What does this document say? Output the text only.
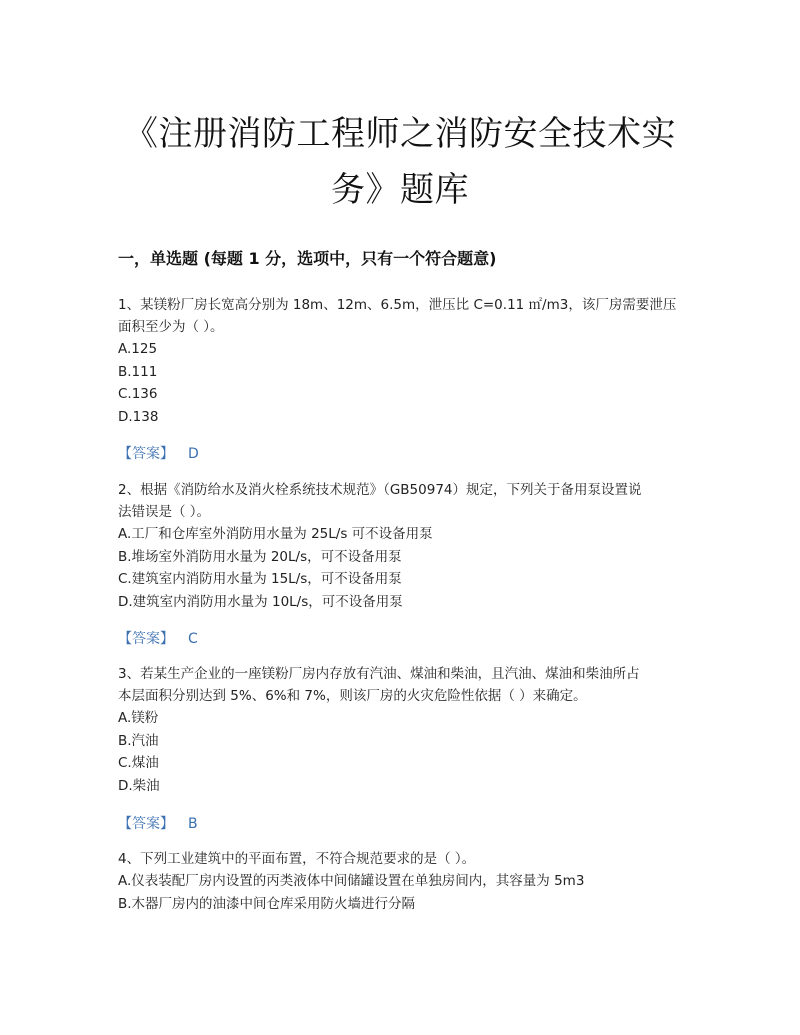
《注册消防工程师之消防安全技术实
务》题库
一，单选题 (每题 1 分，选项中，只有一个符合题意)

1、某镁粉厂房长宽高分别为 18m、12m、6.5m，泄压比 C=0.11 ㎡/m3，该厂房需要泄压

面积至少为（ ）。

A.125

B.111

C.136

D.138

【答案】 D

2、根据《消防给水及消火栓系统技术规范》（GB50974）规定，下列关于备用泵设置说

法错误是（ ）。

A.工厂和仓库室外消防用水量为 25L/s 可不设备用泵

B.堆场室外消防用水量为 20L/s，可不设备用泵

C.建筑室内消防用水量为 15L/s，可不设备用泵

D.建筑室内消防用水量为 10L/s，可不设备用泵

【答案】 C

3、若某生产企业的一座镁粉厂房内存放有汽油、煤油和柴油，且汽油、煤油和柴油所占

本层面积分别达到 5%、6%和 7%，则该厂房的火灾危险性依据（ ）来确定。

A.镁粉

B.汽油

C.煤油

D.柴油

【答案】 B

4、下列工业建筑中的平面布置，不符合规范要求的是（ ）。

A.仪表装配厂房内设置的丙类液体中间储罐设置在单独房间内，其容量为 5m3

B.木器厂房内的油漆中间仓库采用防火墙进行分隔
